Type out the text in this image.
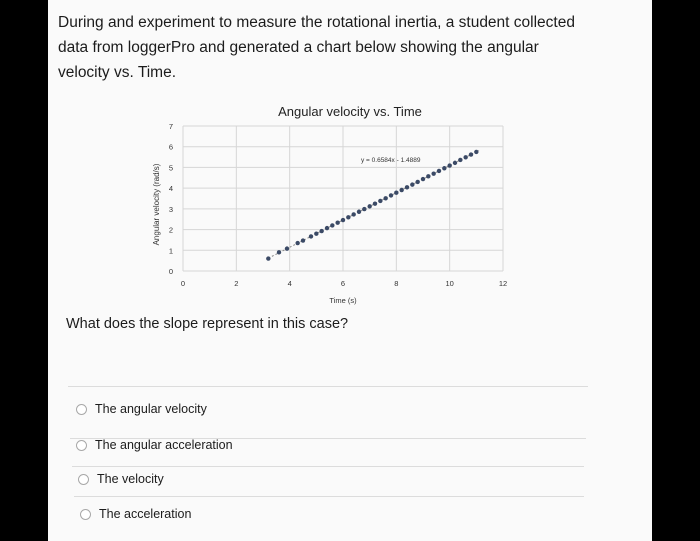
During and experiment to measure the rotational inertia, a student collected
data from loggerPro and generated a chart below showing the angular
velocity vs. Time.
Angular velocity vs. Time
0	2	4	6	8	10	12
0
1
2
3
4
5
6
7
Time (s)
Angular velocity (rad/s)
y = 0.6584x - 1.4889
What does the slope represent in this case?
The angular velocity
The angular acceleration
The velocity
The acceleration
